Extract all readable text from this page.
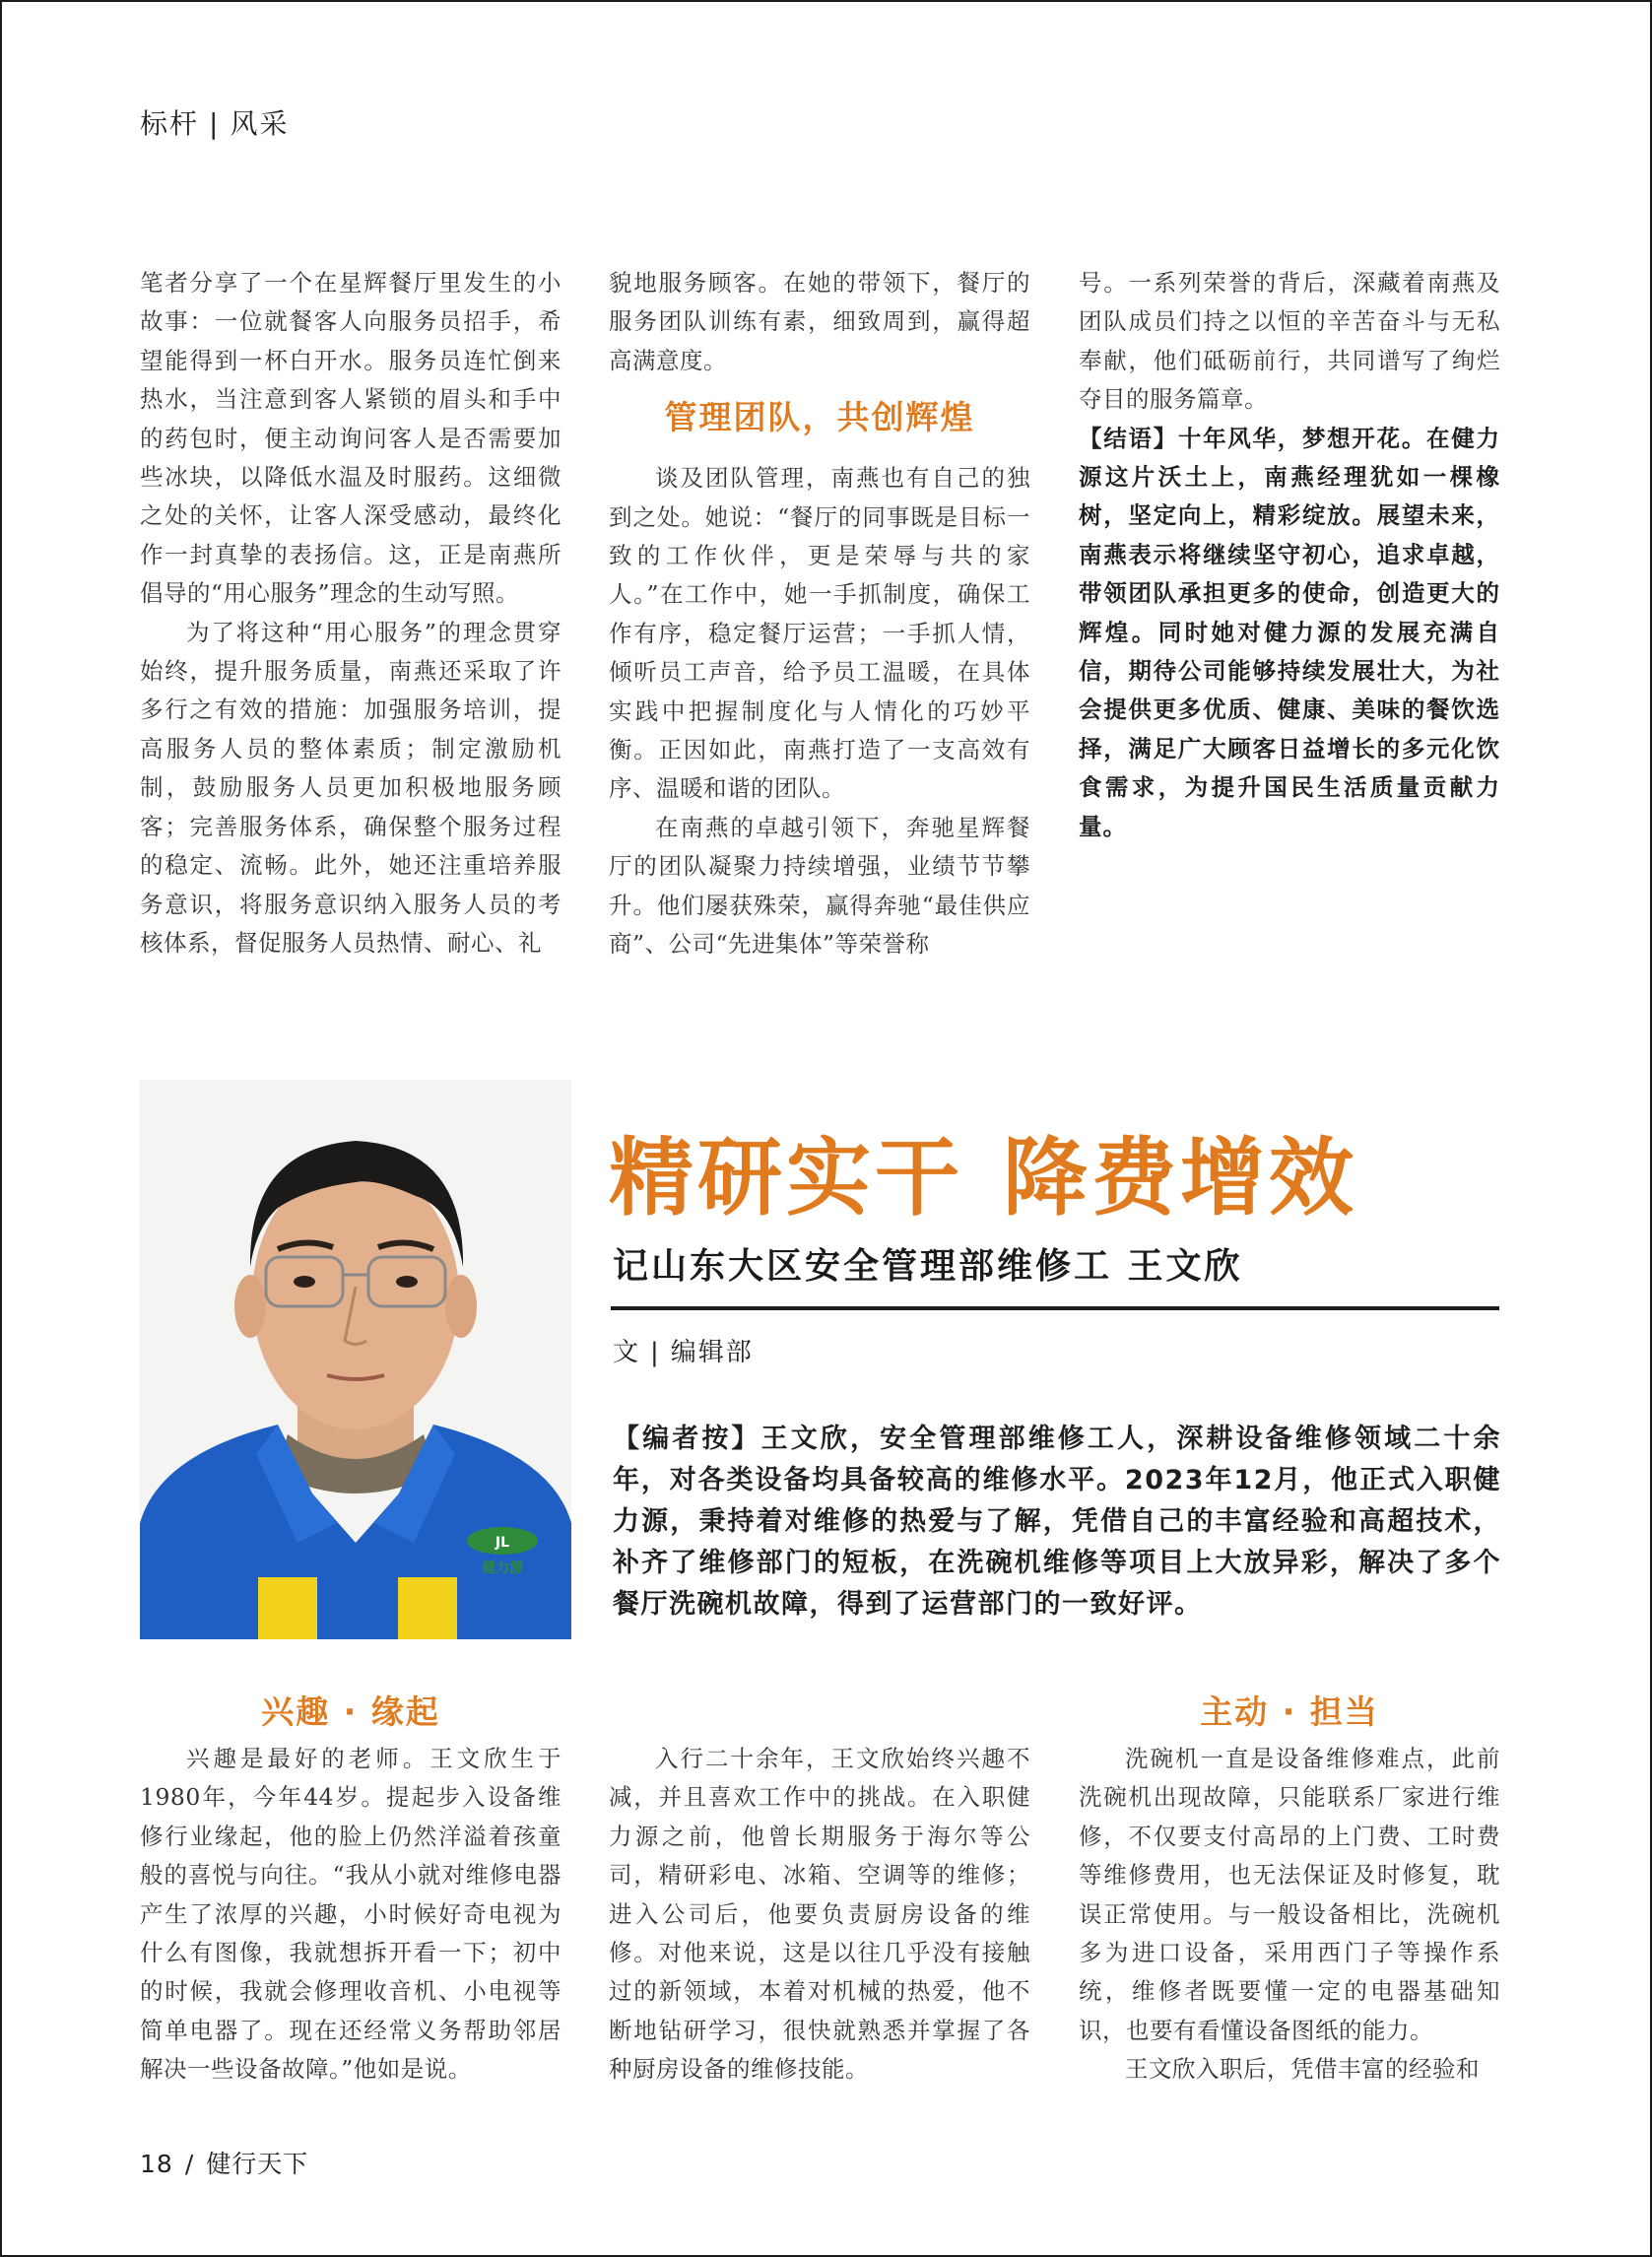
标杆 | 风采

笔者分享了一个在星辉餐厅里发生的小故事：一位就餐客人向服务员招手，希望能得到一杯白开水。服务员连忙倒来热水，当注意到客人紧锁的眉头和手中的药包时，便主动询问客人是否需要加些冰块，以降低水温及时服药。这细微之处的关怀，让客人深受感动，最终化作一封真挚的表扬信。这，正是南燕所倡导的“用心服务”理念的生动写照。

为了将这种“用心服务”的理念贯穿始终，提升服务质量，南燕还采取了许多行之有效的措施：加强服务培训，提高服务人员的整体素质；制定激励机制，鼓励服务人员更加积极地服务顾客；完善服务体系，确保整个服务过程的稳定、流畅。此外，她还注重培养服务意识，将服务意识纳入服务人员的考核体系，督促服务人员热情、耐心、礼

貌地服务顾客。在她的带领下，餐厅的服务团队训练有素，细致周到，赢得超高满意度。

管理团队，共创辉煌

谈及团队管理，南燕也有自己的独到之处。她说：“餐厅的同事既是目标一致的工作伙伴，更是荣辱与共的家人。”在工作中，她一手抓制度，确保工作有序，稳定餐厅运营；一手抓人情，倾听员工声音，给予员工温暖，在具体实践中把握制度化与人情化的巧妙平衡。正因如此，南燕打造了一支高效有序、温暖和谐的团队。

在南燕的卓越引领下，奔驰星辉餐厅的团队凝聚力持续增强，业绩节节攀升。他们屡获殊荣，赢得奔驰“最佳供应商”、公司“先进集体”等荣誉称

号。一系列荣誉的背后，深藏着南燕及团队成员们持之以恒的辛苦奋斗与无私奉献，他们砥砺前行，共同谱写了绚烂夺目的服务篇章。

【结语】十年风华，梦想开花。在健力源这片沃土上，南燕经理犹如一棵橡树，坚定向上，精彩绽放。展望未来，南燕表示将继续坚守初心，追求卓越，带领团队承担更多的使命，创造更大的辉煌。同时她对健力源的发展充满自信，期待公司能够持续发展壮大，为社会提供更多优质、健康、美味的餐饮选择，满足广大顾客日益增长的多元化饮食需求，为提升国民生活质量贡献力量。

JL
健力源
精研实干 降费增效
记山东大区安全管理部维修工 王文欣
文 | 编辑部
【编者按】王文欣，安全管理部维修工人，深耕设备维修领域二十余年，对各类设备均具备较高的维修水平。2023年12月，他正式入职健力源，秉持着对维修的热爱与了解，凭借自己的丰富经验和高超技术，补齐了维修部门的短板，在洗碗机维修等项目上大放异彩，解决了多个餐厅洗碗机故障，得到了运营部门的一致好评。
兴趣 · 缘起

兴趣是最好的老师。王文欣生于1980年，今年44岁。提起步入设备维修行业缘起，他的脸上仍然洋溢着孩童般的喜悦与向往。“我从小就对维修电器产生了浓厚的兴趣，小时候好奇电视为什么有图像，我就想拆开看一下；初中的时候，我就会修理收音机、小电视等简单电器了。现在还经常义务帮助邻居解决一些设备故障。”他如是说。

入行二十余年，王文欣始终兴趣不减，并且喜欢工作中的挑战。在入职健力源之前，他曾长期服务于海尔等公司，精研彩电、冰箱、空调等的维修；进入公司后，他要负责厨房设备的维修。对他来说，这是以往几乎没有接触过的新领域，本着对机械的热爱，他不断地钻研学习，很快就熟悉并掌握了各种厨房设备的维修技能。

主动 · 担当

洗碗机一直是设备维修难点，此前洗碗机出现故障，只能联系厂家进行维修，不仅要支付高昂的上门费、工时费等维修费用，也无法保证及时修复，耽误正常使用。与一般设备相比，洗碗机多为进口设备，采用西门子等操作系统，维修者既要懂一定的电器基础知识，也要有看懂设备图纸的能力。

王文欣入职后，凭借丰富的经验和

18 / 健行天下
